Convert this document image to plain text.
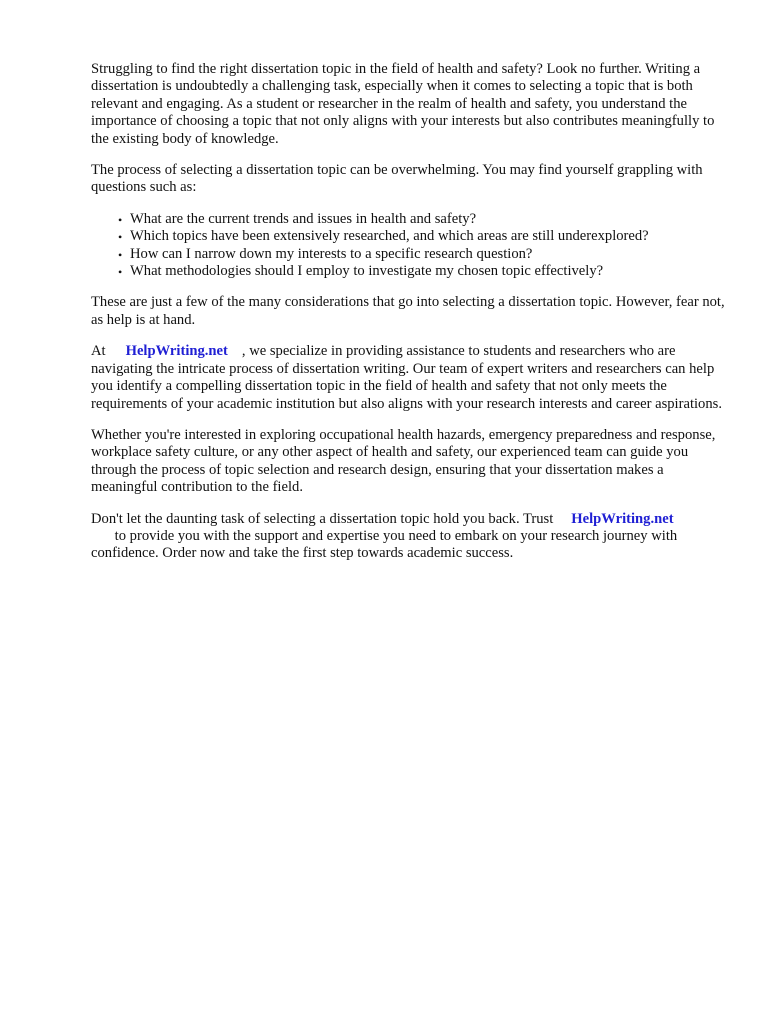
Struggling to find the right dissertation topic in the field of health and safety? Look no further. Writing a dissertation is undoubtedly a challenging task, especially when it comes to selecting a topic that is both relevant and engaging. As a student or researcher in the realm of health and safety, you understand the importance of choosing a topic that not only aligns with your interests but also contributes meaningfully to the existing body of knowledge.

The process of selecting a dissertation topic can be overwhelming. You may find yourself grappling with questions such as:

• What are the current trends and issues in health and safety?
• Which topics have been extensively researched, and which areas are still underexplored?
• How can I narrow down my interests to a specific research question?
• What methodologies should I employ to investigate my chosen topic effectively?

These are just a few of the many considerations that go into selecting a dissertation topic. However, fear not, as help is at hand.

At HelpWriting.net , we specialize in providing assistance to students and researchers who are navigating the intricate process of dissertation writing. Our team of expert writers and researchers can help you identify a compelling dissertation topic in the field of health and safety that not only meets the requirements of your academic institution but also aligns with your research interests and career aspirations.

Whether you're interested in exploring occupational health hazards, emergency preparedness and response, workplace safety culture, or any other aspect of health and safety, our experienced team can guide you through the process of topic selection and research design, ensuring that your dissertation makes a meaningful contribution to the field.

Don't let the daunting task of selecting a dissertation topic hold you back. Trust HelpWriting.net
to provide you with the support and expertise you need to embark on your research journey with confidence. Order now and take the first step towards academic success.
